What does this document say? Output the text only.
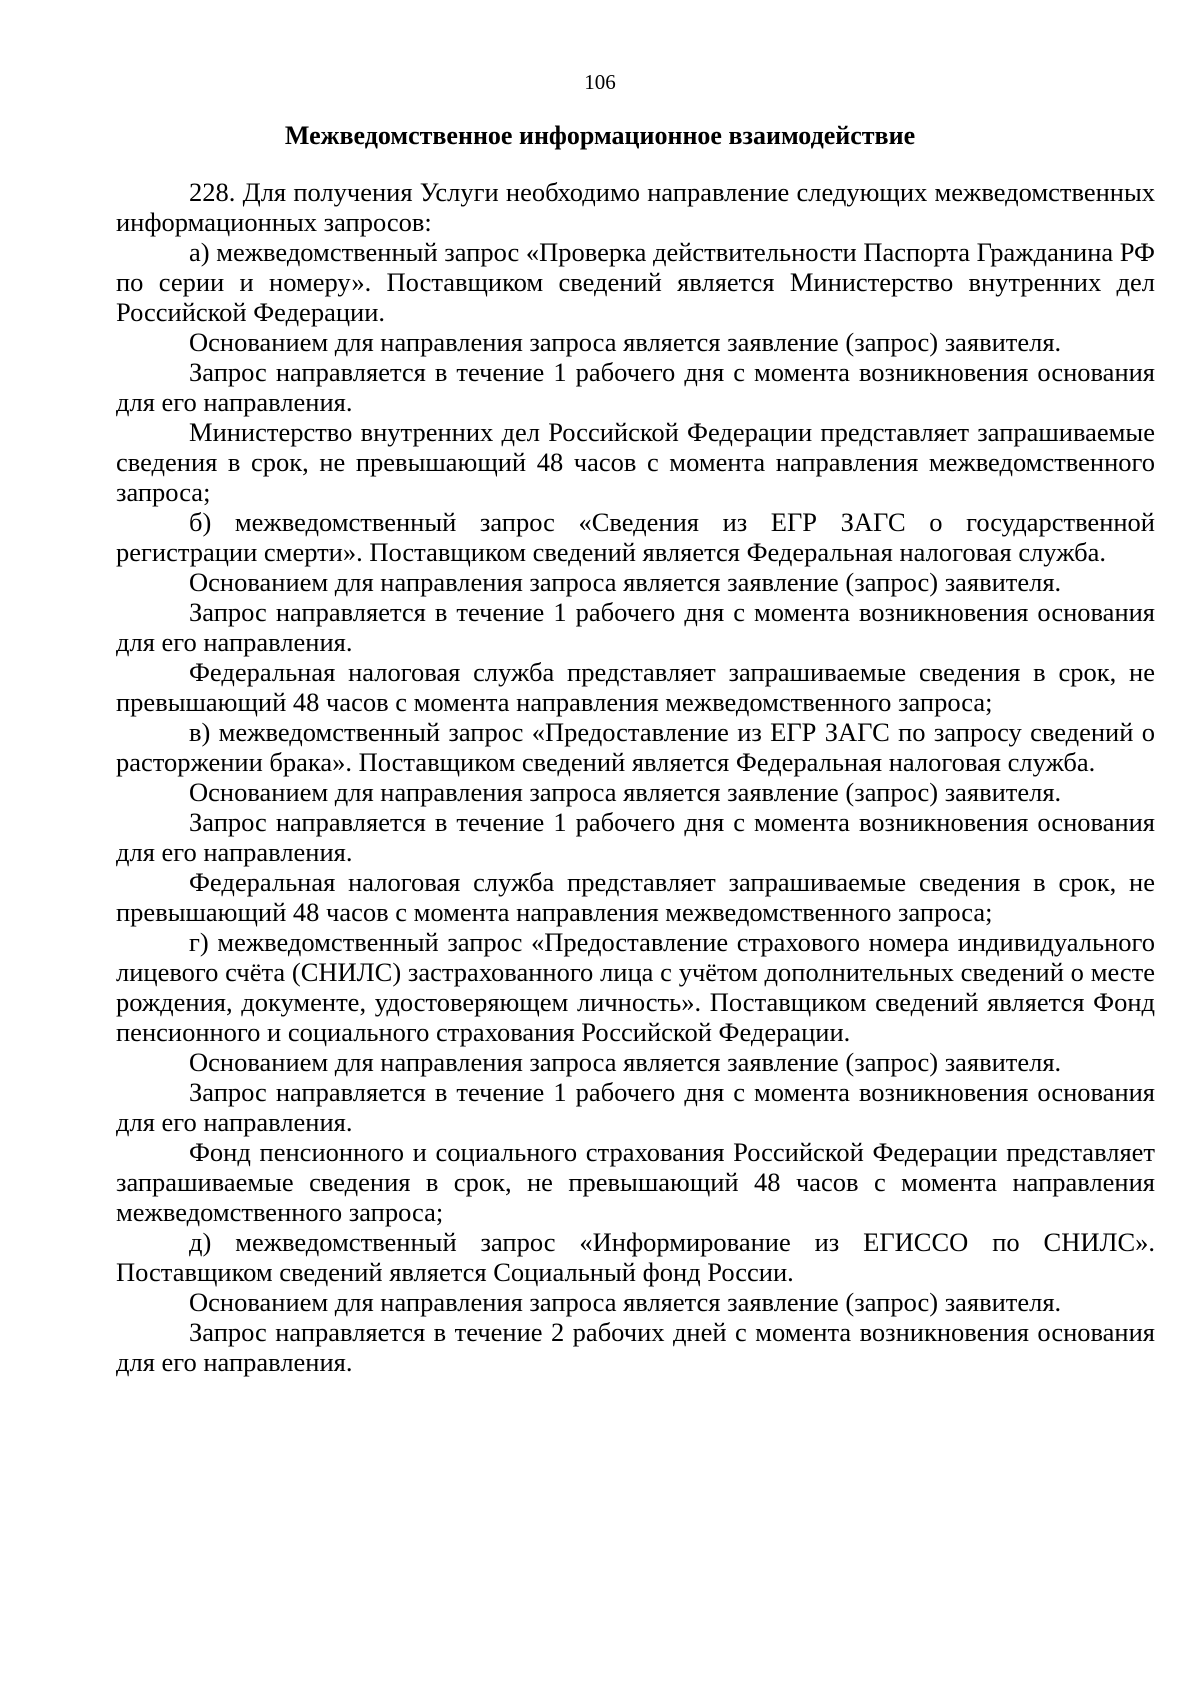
106
Межведомственное информационное взаимодействие

228. Для получения Услуги необходимо направление следующих межведомственных информационных запросов:

а) межведомственный запрос «Проверка действительности Паспорта Гражданина РФ по серии и номеру». Поставщиком сведений является Министерство внутренних дел Российской Федерации.

Основанием для направления запроса является заявление (запрос) заявителя.

Запрос направляется в течение 1 рабочего дня с момента возникновения основания для его направления.

Министерство внутренних дел Российской Федерации представляет запрашиваемые сведения в срок, не превышающий 48 часов с момента направления межведомственного запроса;

б) межведомственный запрос «Сведения из ЕГР ЗАГС о государственной регистрации смерти». Поставщиком сведений является Федеральная налоговая служба.

Основанием для направления запроса является заявление (запрос) заявителя.

Запрос направляется в течение 1 рабочего дня с момента возникновения основания для его направления.

Федеральная налоговая служба представляет запрашиваемые сведения в срок, не превышающий 48 часов с момента направления межведомственного запроса;

в) межведомственный запрос «Предоставление из ЕГР ЗАГС по запросу сведений о расторжении брака». Поставщиком сведений является Федеральная налоговая служба.

Основанием для направления запроса является заявление (запрос) заявителя.

Запрос направляется в течение 1 рабочего дня с момента возникновения основания для его направления.

Федеральная налоговая служба представляет запрашиваемые сведения в срок, не превышающий 48 часов с момента направления межведомственного запроса;

г) межведомственный запрос «Предоставление страхового номера индивидуального лицевого счёта (СНИЛС) застрахованного лица с учётом дополнительных сведений о месте рождения, документе, удостоверяющем личность». Поставщиком сведений является Фонд пенсионного и социального страхования Российской Федерации.

Основанием для направления запроса является заявление (запрос) заявителя.

Запрос направляется в течение 1 рабочего дня с момента возникновения основания для его направления.

Фонд пенсионного и социального страхования Российской Федерации представляет запрашиваемые сведения в срок, не превышающий 48 часов с момента направления межведомственного запроса;

д) межведомственный запрос «Информирование из ЕГИССО по СНИЛС». Поставщиком сведений является Социальный фонд России.

Основанием для направления запроса является заявление (запрос) заявителя.

Запрос направляется в течение 2 рабочих дней с момента возникновения основания для его направления.
